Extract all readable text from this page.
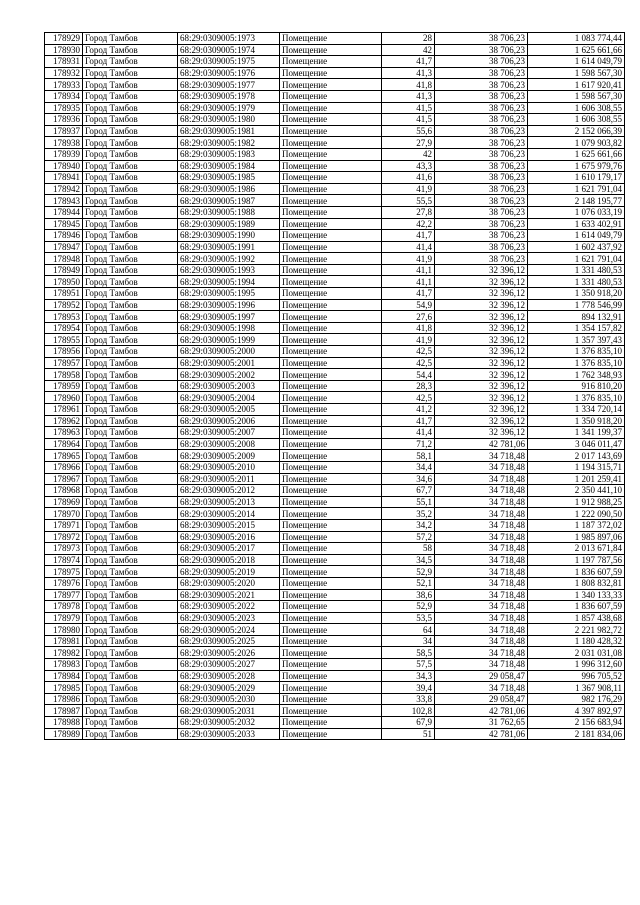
178929	Город Тамбов	68:29:0309005:1973	Помещение	28	38 706,23	1 083 774,44
178930	Город Тамбов	68:29:0309005:1974	Помещение	42	38 706,23	1 625 661,66
178931	Город Тамбов	68:29:0309005:1975	Помещение	41,7	38 706,23	1 614 049,79
178932	Город Тамбов	68:29:0309005:1976	Помещение	41,3	38 706,23	1 598 567,30
178933	Город Тамбов	68:29:0309005:1977	Помещение	41,8	38 706,23	1 617 920,41
178934	Город Тамбов	68:29:0309005:1978	Помещение	41,3	38 706,23	1 598 567,30
178935	Город Тамбов	68:29:0309005:1979	Помещение	41,5	38 706,23	1 606 308,55
178936	Город Тамбов	68:29:0309005:1980	Помещение	41,5	38 706,23	1 606 308,55
178937	Город Тамбов	68:29:0309005:1981	Помещение	55,6	38 706,23	2 152 066,39
178938	Город Тамбов	68:29:0309005:1982	Помещение	27,9	38 706,23	1 079 903,82
178939	Город Тамбов	68:29:0309005:1983	Помещение	42	38 706,23	1 625 661,66
178940	Город Тамбов	68:29:0309005:1984	Помещение	43,3	38 706,23	1 675 979,76
178941	Город Тамбов	68:29:0309005:1985	Помещение	41,6	38 706,23	1 610 179,17
178942	Город Тамбов	68:29:0309005:1986	Помещение	41,9	38 706,23	1 621 791,04
178943	Город Тамбов	68:29:0309005:1987	Помещение	55,5	38 706,23	2 148 195,77
178944	Город Тамбов	68:29:0309005:1988	Помещение	27,8	38 706,23	1 076 033,19
178945	Город Тамбов	68:29:0309005:1989	Помещение	42,2	38 706,23	1 633 402,91
178946	Город Тамбов	68:29:0309005:1990	Помещение	41,7	38 706,23	1 614 049,79
178947	Город Тамбов	68:29:0309005:1991	Помещение	41,4	38 706,23	1 602 437,92
178948	Город Тамбов	68:29:0309005:1992	Помещение	41,9	38 706,23	1 621 791,04
178949	Город Тамбов	68:29:0309005:1993	Помещение	41,1	32 396,12	1 331 480,53
178950	Город Тамбов	68:29:0309005:1994	Помещение	41,1	32 396,12	1 331 480,53
178951	Город Тамбов	68:29:0309005:1995	Помещение	41,7	32 396,12	1 350 918,20
178952	Город Тамбов	68:29:0309005:1996	Помещение	54,9	32 396,12	1 778 546,99
178953	Город Тамбов	68:29:0309005:1997	Помещение	27,6	32 396,12	894 132,91
178954	Город Тамбов	68:29:0309005:1998	Помещение	41,8	32 396,12	1 354 157,82
178955	Город Тамбов	68:29:0309005:1999	Помещение	41,9	32 396,12	1 357 397,43
178956	Город Тамбов	68:29:0309005:2000	Помещение	42,5	32 396,12	1 376 835,10
178957	Город Тамбов	68:29:0309005:2001	Помещение	42,5	32 396,12	1 376 835,10
178958	Город Тамбов	68:29:0309005:2002	Помещение	54,4	32 396,12	1 762 348,93
178959	Город Тамбов	68:29:0309005:2003	Помещение	28,3	32 396,12	916 810,20
178960	Город Тамбов	68:29:0309005:2004	Помещение	42,5	32 396,12	1 376 835,10
178961	Город Тамбов	68:29:0309005:2005	Помещение	41,2	32 396,12	1 334 720,14
178962	Город Тамбов	68:29:0309005:2006	Помещение	41,7	32 396,12	1 350 918,20
178963	Город Тамбов	68:29:0309005:2007	Помещение	41,4	32 396,12	1 341 199,37
178964	Город Тамбов	68:29:0309005:2008	Помещение	71,2	42 781,06	3 046 011,47
178965	Город Тамбов	68:29:0309005:2009	Помещение	58,1	34 718,48	2 017 143,69
178966	Город Тамбов	68:29:0309005:2010	Помещение	34,4	34 718,48	1 194 315,71
178967	Город Тамбов	68:29:0309005:2011	Помещение	34,6	34 718,48	1 201 259,41
178968	Город Тамбов	68:29:0309005:2012	Помещение	67,7	34 718,48	2 350 441,10
178969	Город Тамбов	68:29:0309005:2013	Помещение	55,1	34 718,48	1 912 988,25
178970	Город Тамбов	68:29:0309005:2014	Помещение	35,2	34 718,48	1 222 090,50
178971	Город Тамбов	68:29:0309005:2015	Помещение	34,2	34 718,48	1 187 372,02
178972	Город Тамбов	68:29:0309005:2016	Помещение	57,2	34 718,48	1 985 897,06
178973	Город Тамбов	68:29:0309005:2017	Помещение	58	34 718,48	2 013 671,84
178974	Город Тамбов	68:29:0309005:2018	Помещение	34,5	34 718,48	1 197 787,56
178975	Город Тамбов	68:29:0309005:2019	Помещение	52,9	34 718,48	1 836 607,59
178976	Город Тамбов	68:29:0309005:2020	Помещение	52,1	34 718,48	1 808 832,81
178977	Город Тамбов	68:29:0309005:2021	Помещение	38,6	34 718,48	1 340 133,33
178978	Город Тамбов	68:29:0309005:2022	Помещение	52,9	34 718,48	1 836 607,59
178979	Город Тамбов	68:29:0309005:2023	Помещение	53,5	34 718,48	1 857 438,68
178980	Город Тамбов	68:29:0309005:2024	Помещение	64	34 718,48	2 221 982,72
178981	Город Тамбов	68:29:0309005:2025	Помещение	34	34 718,48	1 180 428,32
178982	Город Тамбов	68:29:0309005:2026	Помещение	58,5	34 718,48	2 031 031,08
178983	Город Тамбов	68:29:0309005:2027	Помещение	57,5	34 718,48	1 996 312,60
178984	Город Тамбов	68:29:0309005:2028	Помещение	34,3	29 058,47	996 705,52
178985	Город Тамбов	68:29:0309005:2029	Помещение	39,4	34 718,48	1 367 908,11
178986	Город Тамбов	68:29:0309005:2030	Помещение	33,8	29 058,47	982 176,29
178987	Город Тамбов	68:29:0309005:2031	Помещение	102,8	42 781,06	4 397 892,97
178988	Город Тамбов	68:29:0309005:2032	Помещение	67,9	31 762,65	2 156 683,94
178989	Город Тамбов	68:29:0309005:2033	Помещение	51	42 781,06	2 181 834,06
